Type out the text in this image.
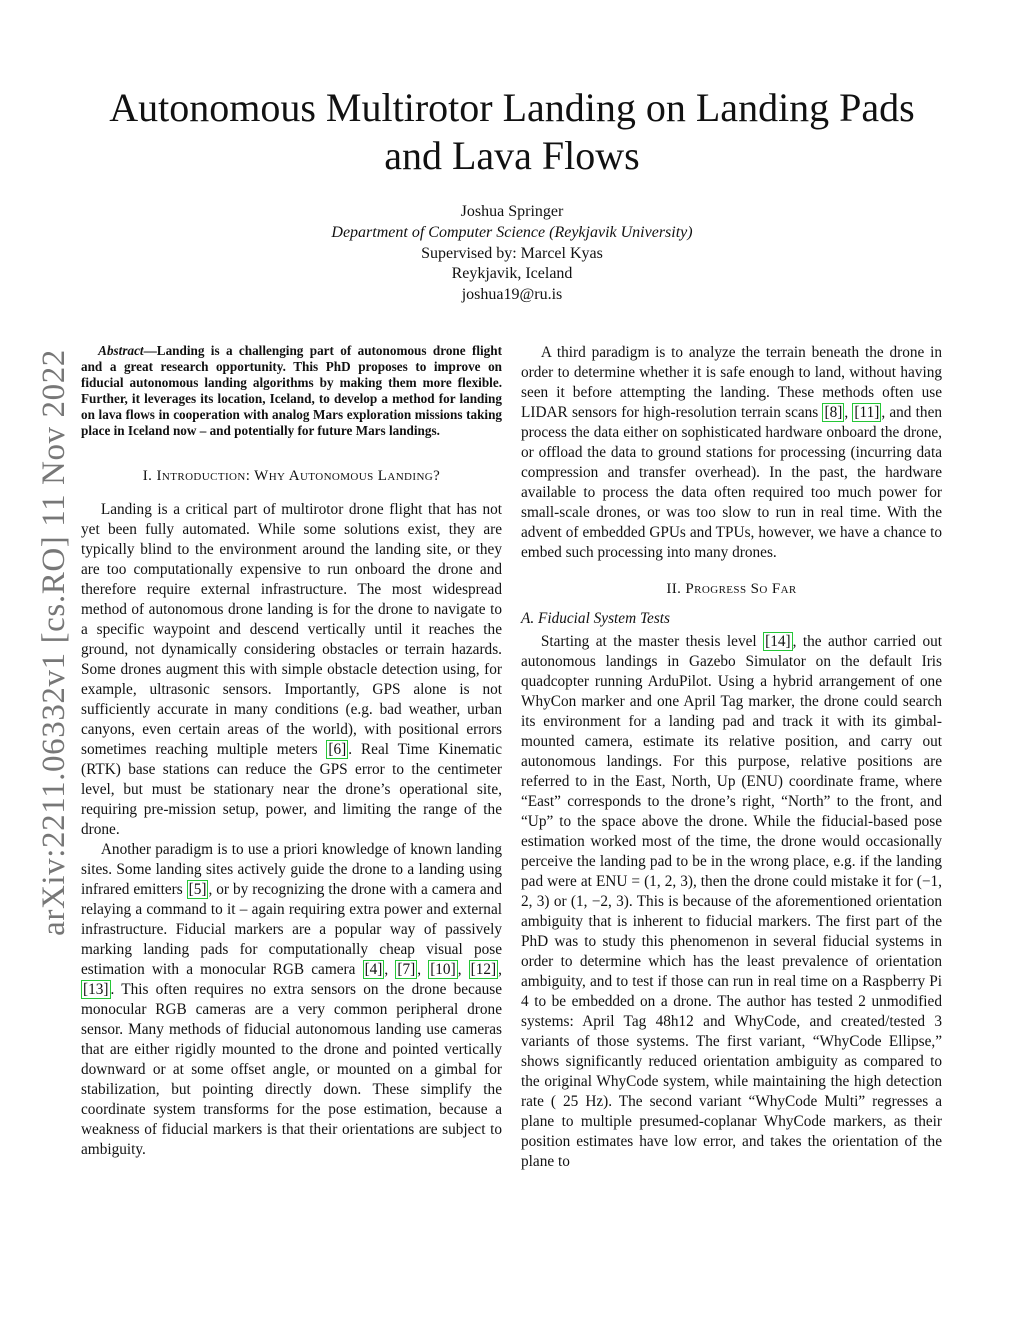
arXiv:2211.06332v1 [cs.RO] 11 Nov 2022
Autonomous Multirotor Landing on Landing Pads
and Lava Flows
Joshua Springer
Department of Computer Science (Reykjavik University)
Supervised by: Marcel Kyas
Reykjavik, Iceland
joshua19@ru.is

Abstract—Landing is a challenging part of autonomous drone flight and a great research opportunity. This PhD proposes to improve on fiducial autonomous landing algorithms by making them more flexible. Further, it leverages its location, Iceland, to develop a method for landing on lava flows in cooperation with analog Mars exploration missions taking place in Iceland now – and potentially for future Mars landings.

I. Introduction: Why Autonomous Landing?

Landing is a critical part of multirotor drone flight that has not yet been fully automated. While some solutions exist, they are typically blind to the environment around the landing site, or they are too computationally expensive to run onboard the drone and therefore require external infrastructure. The most widespread method of autonomous drone landing is for the drone to navigate to a specific waypoint and descend vertically until it reaches the ground, not dynamically considering obstacles or terrain hazards. Some drones augment this with simple obstacle detection using, for example, ultrasonic sensors. Importantly, GPS alone is not sufficiently accurate in many conditions (e.g. bad weather, urban canyons, even certain areas of the world), with positional errors sometimes reaching multiple meters [6] . Real Time Kinematic (RTK) base stations can reduce the GPS error to the centimeter level, but must be stationary near the drone’s operational site, requiring pre-mission setup, power, and limiting the range of the drone.

Another paradigm is to use a priori knowledge of known landing sites. Some landing sites actively guide the drone to a landing using infrared emitters [5] , or by recognizing the drone with a camera and relaying a command to it – again requiring extra power and external infrastructure. Fiducial markers are a popular way of passively marking landing pads for computationally cheap visual pose estimation with a monocular RGB camera [4] , [7] , [10] , [12] , [13] . This often requires no extra sensors on the drone because monocular RGB cameras are a very common peripheral drone sensor. Many methods of fiducial autonomous landing use cameras that are either rigidly mounted to the drone and pointed vertically downward or at some offset angle, or mounted on a gimbal for stabilization, but pointing directly down. These simplify the coordinate system transforms for the pose estimation, because a weakness of fiducial markers is that their orientations are subject to ambiguity.

A third paradigm is to analyze the terrain beneath the drone in order to determine whether it is safe enough to land, without having seen it before attempting the landing. These methods often use LIDAR sensors for high-resolution terrain scans [8] , [11] , and then process the data either on sophisticated hardware onboard the drone, or offload the data to ground stations for processing (incurring data compression and transfer overhead). In the past, the hardware available to process the data often required too much power for small-scale drones, or was too slow to run in real time. With the advent of embedded GPUs and TPUs, however, we have a chance to embed such processing into many drones.

II. Progress So Far
A. Fiducial System Tests

Starting at the master thesis level [14] , the author carried out autonomous landings in Gazebo Simulator on the default Iris quadcopter running ArduPilot. Using a hybrid arrangement of one WhyCon marker and one April Tag marker, the drone could search its environment for a landing pad and track it with its gimbal-mounted camera, estimate its relative position, and carry out autonomous landings. For this purpose, relative positions are referred to in the East, North, Up (ENU) coordinate frame, where “East” corresponds to the drone’s right, “North” to the front, and “Up” to the space above the drone. While the fiducial-based pose estimation worked most of the time, the drone would occasionally perceive the landing pad to be in the wrong place, e.g. if the landing pad were at ENU = (1, 2, 3), then the drone could mistake it for (−1, 2, 3) or (1, −2, 3). This is because of the aforementioned orientation ambiguity that is inherent to fiducial markers. The first part of the PhD was to study this phenomenon in several fiducial systems in order to determine which has the least prevalence of orientation ambiguity, and to test if those can run in real time on a Raspberry Pi 4 to be embedded on a drone. The author has tested 2 unmodified systems: April Tag 48h12 and WhyCode, and created/tested 3 variants of those systems. The first variant, “WhyCode Ellipse,” shows significantly reduced orientation ambiguity as compared to the original WhyCode system, while maintaining the high detection rate ( 25 Hz). The second variant “WhyCode Multi” regresses a plane to multiple presumed-coplanar WhyCode markers, as their position estimates have low error, and takes the orientation of the plane to
